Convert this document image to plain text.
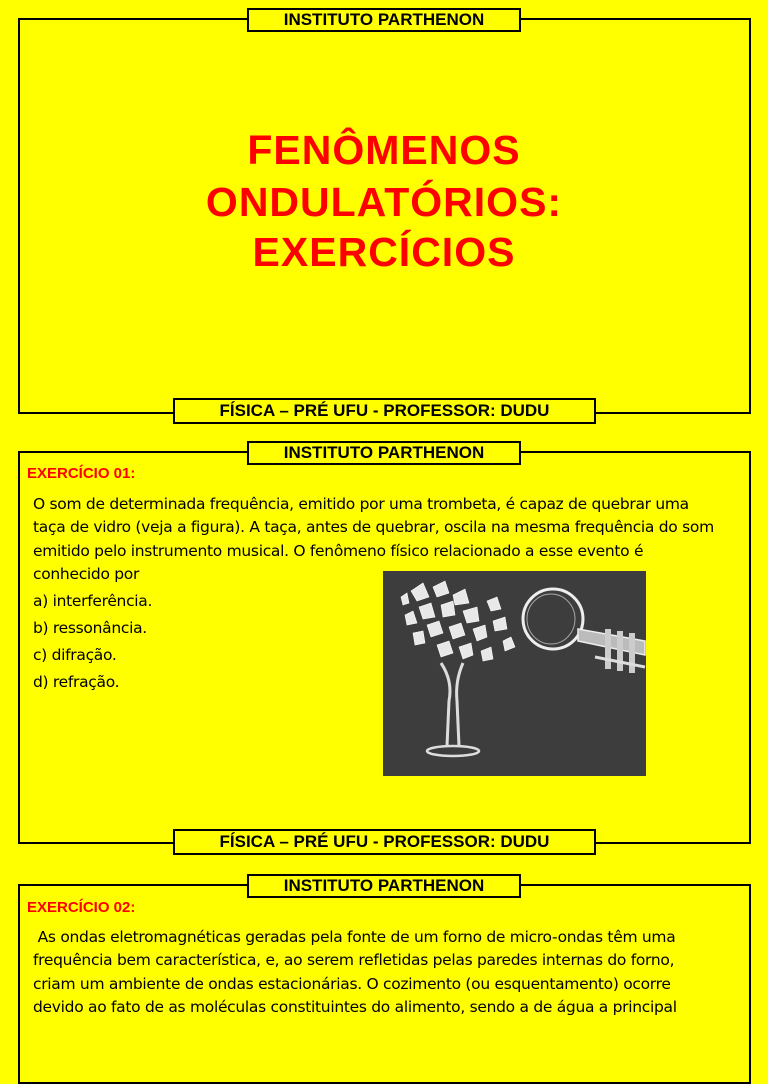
INSTITUTO PARTHENON
FENÔMENOS
ONDULATÓRIOS:
EXERCÍCIOS
FÍSICA – PRÉ UFU - PROFESSOR: DUDU
INSTITUTO PARTHENON
EXERCÍCIO 01:
O som de determinada frequência, emitido por uma trombeta, é capaz de quebrar uma
taça de vidro (veja a figura). A taça, antes de quebrar, oscila na mesma frequência do som
emitido pelo instrumento musical. O fenômeno físico relacionado a esse evento é
conhecido por
a) interferência.
b) ressonância.
c) difração.
d) refração.
FÍSICA – PRÉ UFU - PROFESSOR: DUDU
INSTITUTO PARTHENON
EXERCÍCIO 02:
As ondas eletromagnéticas geradas pela fonte de um forno de micro-ondas têm uma
frequência bem característica, e, ao serem refletidas pelas paredes internas do forno,
criam um ambiente de ondas estacionárias. O cozimento (ou esquentamento) ocorre
devido ao fato de as moléculas constituintes do alimento, sendo a de água a principal
